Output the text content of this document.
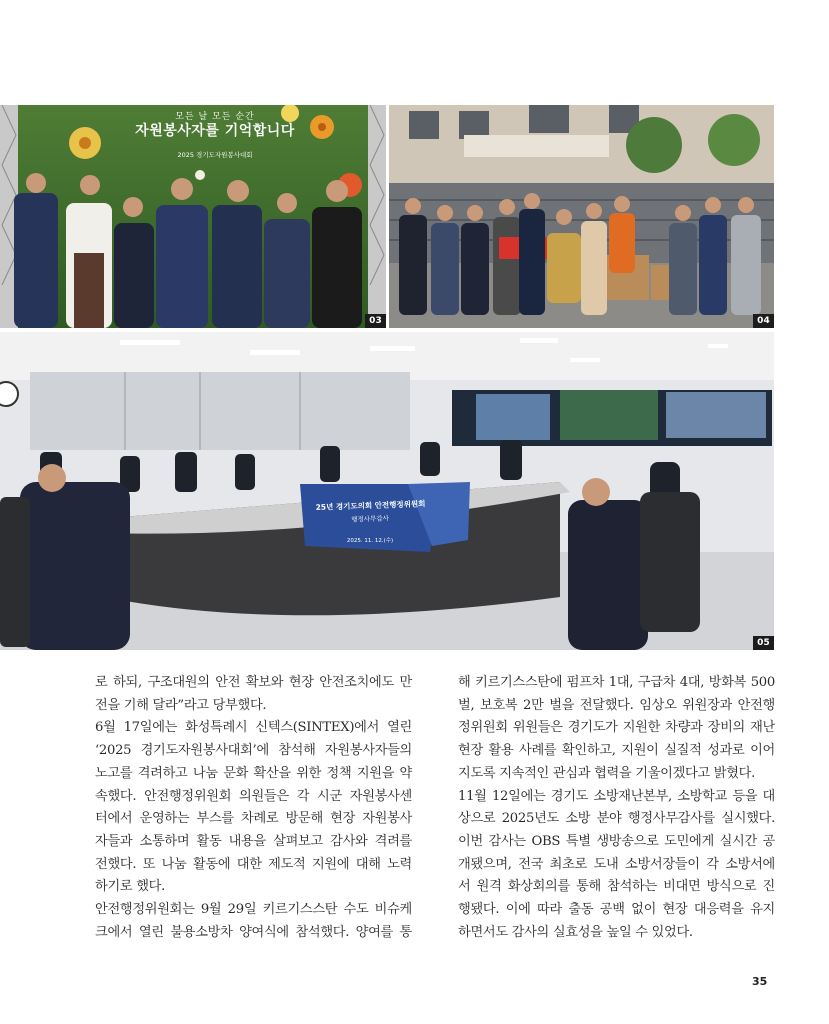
모든 날 모든 순간
자원봉사자를 기억합니다
2025 경기도자원봉사대회
03	04
25년 경기도의회 안전행정위원회
행정사무감사
2025. 11. 12.(수)
05

로 하되, 구조대원의 안전 확보와 현장 안전조치에도 만

전을 기해 달라”라고 당부했다.

6월 17일에는 화성특례시 신텍스(SINTEX)에서 열린

‘2025 경기도자원봉사대회’에 참석해 자원봉사자들의

노고를 격려하고 나눔 문화 확산을 위한 정책 지원을 약

속했다. 안전행정위원회 의원들은 각 시군 자원봉사센

터에서 운영하는 부스를 차례로 방문해 현장 자원봉사

자들과 소통하며 활동 내용을 살펴보고 감사와 격려를

전했다. 또 나눔 활동에 대한 제도적 지원에 대해 노력

하기로 했다.

안전행정위원회는 9월 29일 키르기스스탄 수도 비슈케

크에서 열린 불용소방차 양여식에 참석했다. 양여를 통

해 키르기스스탄에 펌프차 1대, 구급차 4대, 방화복 500

벌, 보호복 2만 벌을 전달했다. 임상오 위원장과 안전행

정위원회 위원들은 경기도가 지원한 차량과 장비의 재난

현장 활용 사례를 확인하고, 지원이 실질적 성과로 이어

지도록 지속적인 관심과 협력을 기울이겠다고 밝혔다.

11월 12일에는 경기도 소방재난본부, 소방학교 등을 대

상으로 2025년도 소방 분야 행정사무감사를 실시했다.

이번 감사는 OBS 특별 생방송으로 도민에게 실시간 공

개됐으며, 전국 최초로 도내 소방서장들이 각 소방서에

서 원격 화상회의를 통해 참석하는 비대면 방식으로 진

행됐다. 이에 따라 출동 공백 없이 현장 대응력을 유지

하면서도 감사의 실효성을 높일 수 있었다.

35
